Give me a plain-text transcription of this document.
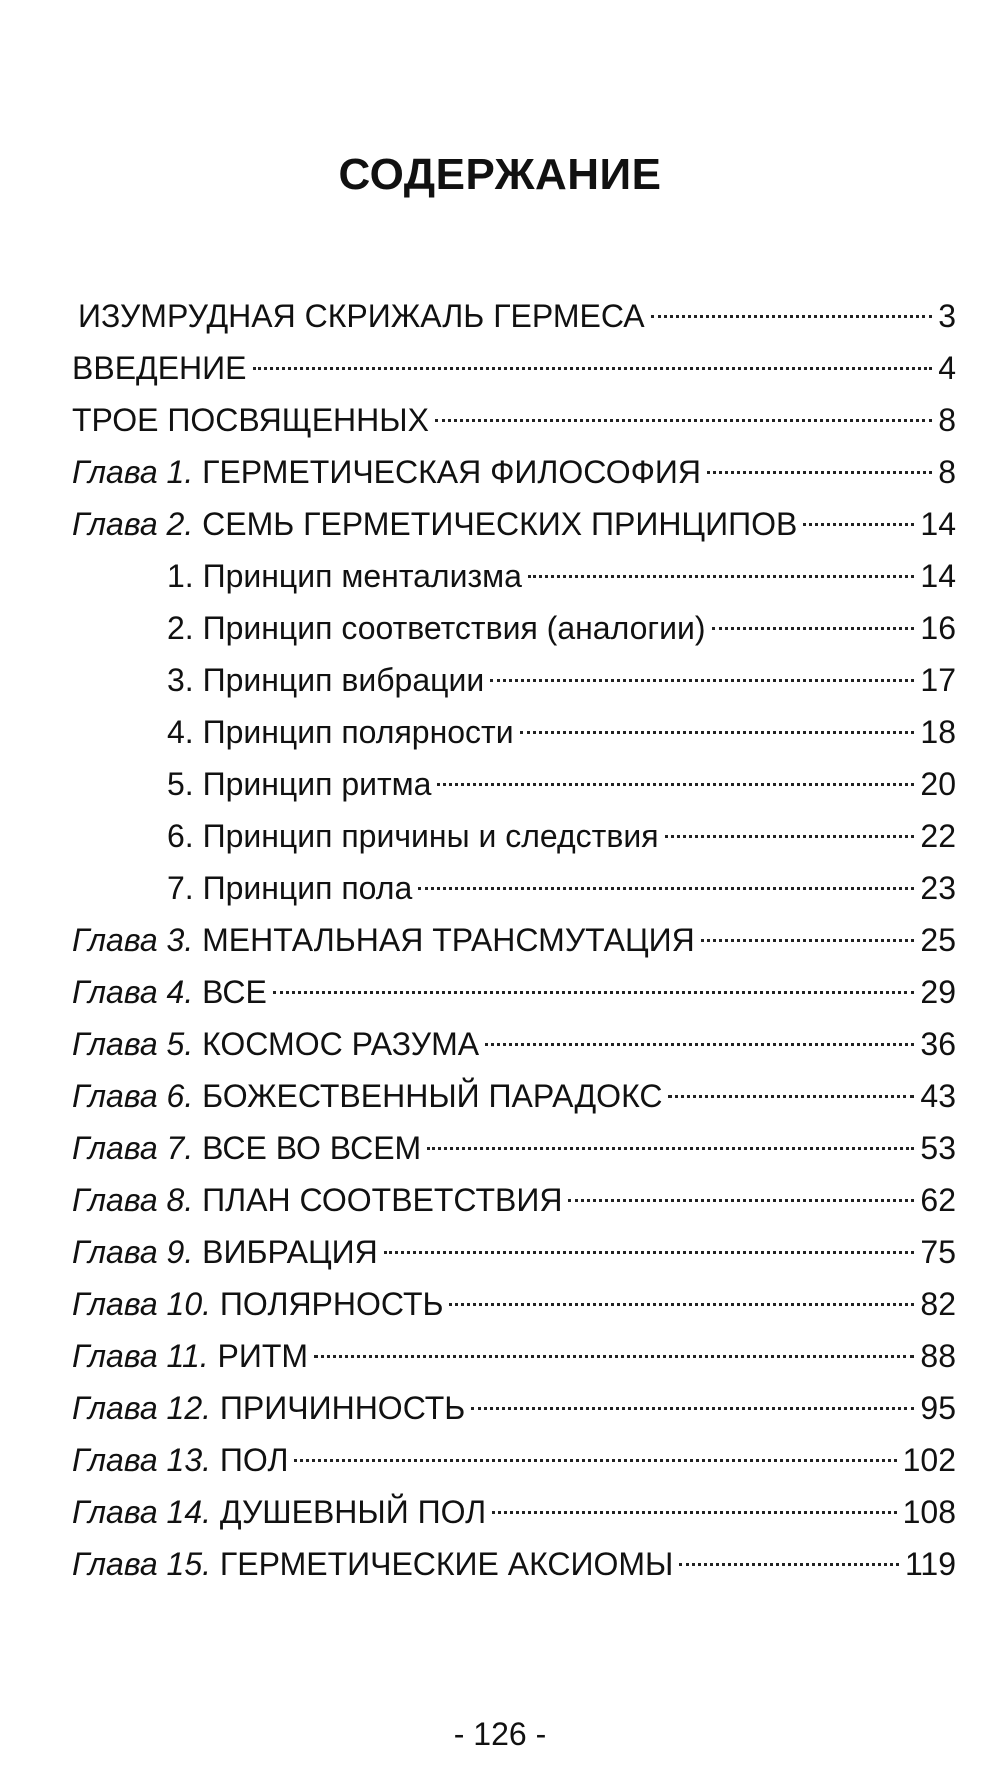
СОДЕРЖАНИЕ
ИЗУМРУДНАЯ СКРИЖАЛЬ ГЕРМЕСА	3
ВВЕДЕНИЕ	4
ТРОЕ ПОСВЯЩЕННЫХ	8
Глава 1. ГЕРМЕТИЧЕСКАЯ ФИЛОСОФИЯ	8
Глава 2. СЕМЬ ГЕРМЕТИЧЕСКИХ ПРИНЦИПОВ	14
1. Принцип ментализма	14
2. Принцип соответствия (аналогии)	16
3. Принцип вибрации	17
4. Принцип полярности	18
5. Принцип ритма	20
6. Принцип причины и следствия	22
7. Принцип пола	23
Глава 3. МЕНТАЛЬНАЯ ТРАНСМУТАЦИЯ	25
Глава 4. ВСЕ	29
Глава 5. КОСМОС РАЗУМА	36
Глава 6. БОЖЕСТВЕННЫЙ ПАРАДОКС	43
Глава 7. ВСЕ ВО ВСЕМ	53
Глава 8. ПЛАН СООТВЕТСТВИЯ	62
Глава 9. ВИБРАЦИЯ	75
Глава 10. ПОЛЯРНОСТЬ	82
Глава 11. РИТМ	88
Глава 12. ПРИЧИННОСТЬ	95
Глава 13. ПОЛ	102
Глава 14. ДУШЕВНЫЙ ПОЛ	108
Глава 15. ГЕРМЕТИЧЕСКИЕ АКСИОМЫ	119
- 126 -
